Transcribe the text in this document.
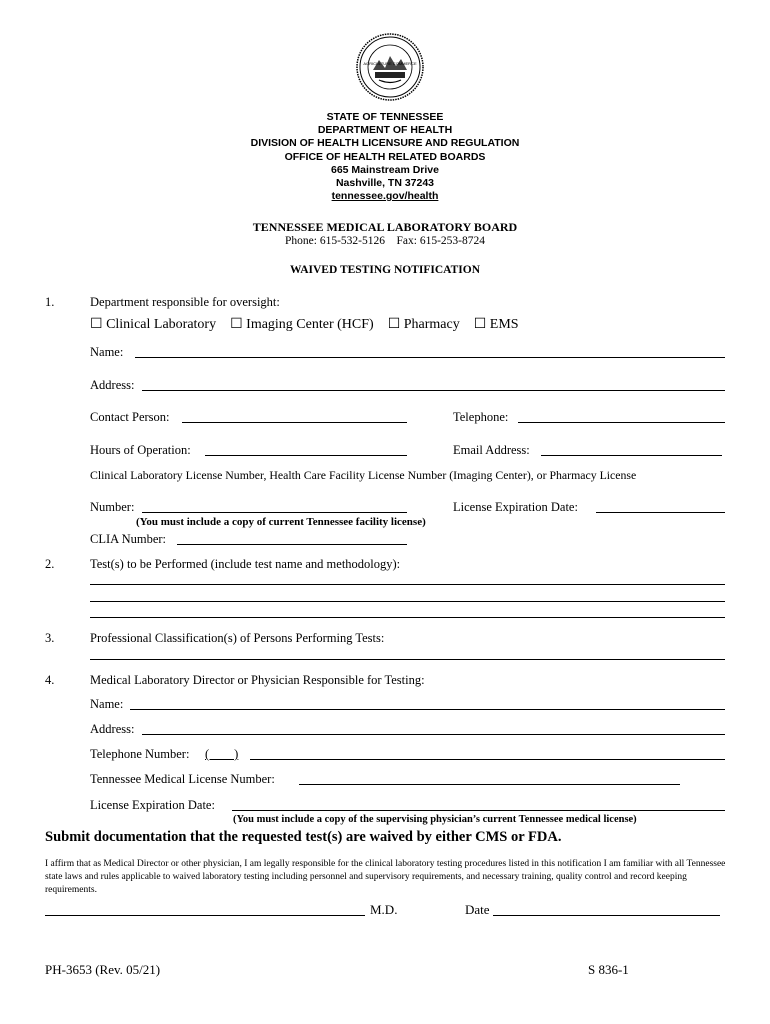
AGRICULTURE COMMERCE
STATE OF TENNESSEE
DEPARTMENT OF HEALTH
DIVISION OF HEALTH LICENSURE AND REGULATION
OFFICE OF HEALTH RELATED BOARDS
665 Mainstream Drive
Nashville, TN 37243
tennessee.gov/health
TENNESSEE MEDICAL LABORATORY BOARD
Phone: 615-532-5126    Fax: 615-253-8724
WAIVED TESTING NOTIFICATION
1.	Department responsible for oversight:
☐ Clinical Laboratory ☐ Imaging Center (HCF) ☐ Pharmacy ☐ EMS
Name:
Address:
Contact Person:	Telephone:
Hours of Operation:	Email Address:
Clinical Laboratory License Number, Health Care Facility License Number (Imaging Center), or Pharmacy License
Number:	License Expiration Date:
(You must include a copy of current Tennessee facility license)
CLIA Number:
2.	Test(s) to be Performed (include test name and methodology):
3.	Professional Classification(s) of Persons Performing Tests:
4.	Medical Laboratory Director or Physician Responsible for Testing:
Name:
Address:
Telephone Number: (        )
Tennessee Medical License Number:
License Expiration Date:
(You must include a copy of the supervising physician’s current Tennessee medical license)
Submit documentation that the requested test(s) are waived by either CMS or FDA.
I affirm that as Medical Director or other physician, I am legally responsible for the clinical laboratory testing procedures listed in this notification I am familiar with all Tennessee state laws and rules applicable to waived laboratory testing including personnel and supervisory requirements, and necessary training, quality control and record keeping requirements.
M.D.	Date
PH-3653 (Rev. 05/21)	S 836-1
